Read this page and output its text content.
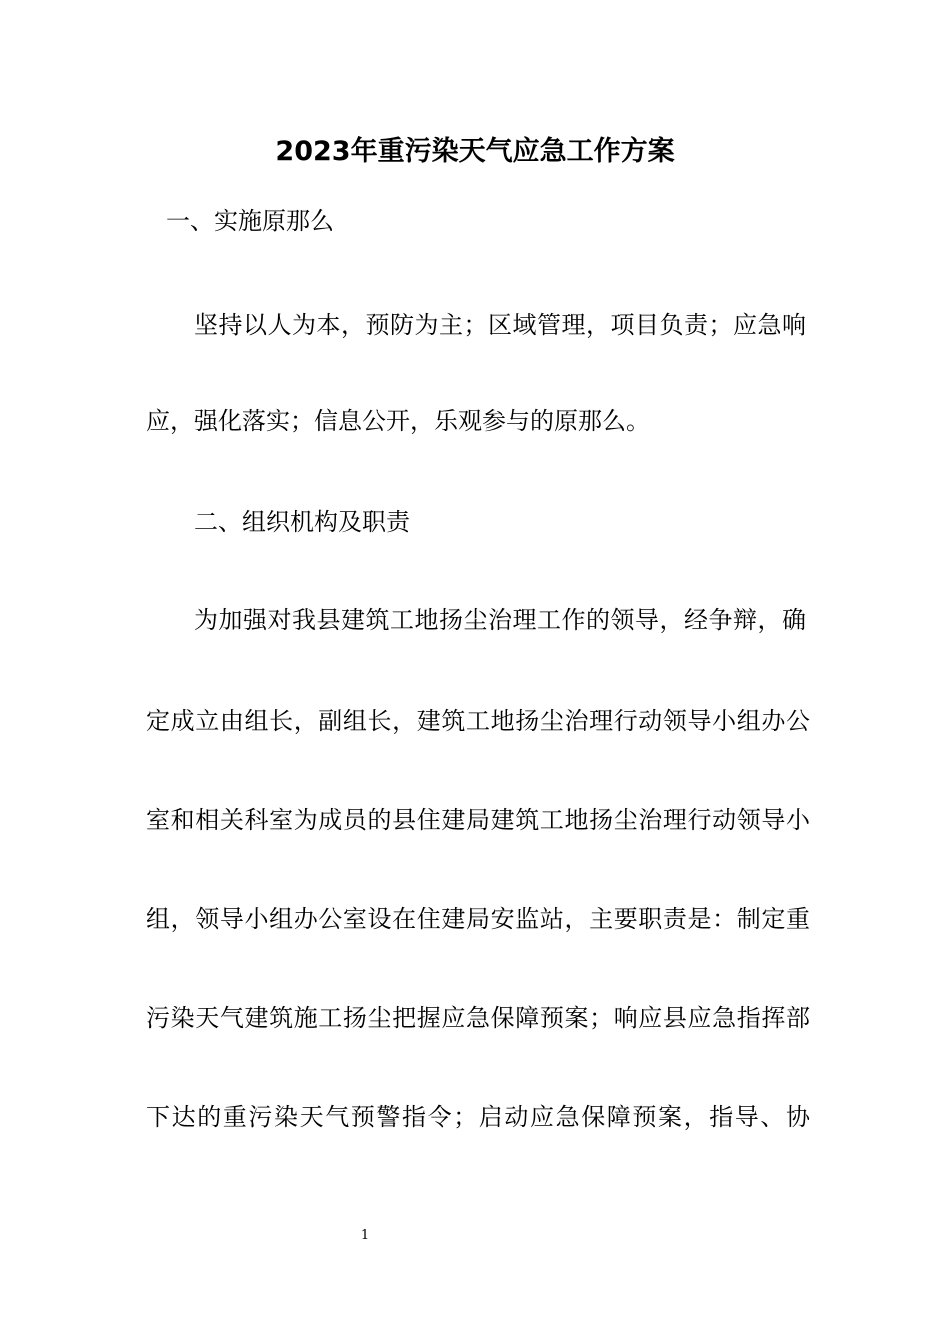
2023年重污染天气应急工作方案
一、实施原那么
坚持以人为本，预防为主；区域管理，项目负责；应急响
应，强化落实；信息公开，乐观参与的原那么。
二、组织机构及职责
为加强对我县建筑工地扬尘治理工作的领导，经争辩，确
定成立由组长，副组长，建筑工地扬尘治理行动领导小组办公
室和相关科室为成员的县住建局建筑工地扬尘治理行动领导小
组，领导小组办公室设在住建局安监站，主要职责是：制定重
污染天气建筑施工扬尘把握应急保障预案；响应县应急指挥部
下达的重污染天气预警指令；启动应急保障预案，指导、协
1
